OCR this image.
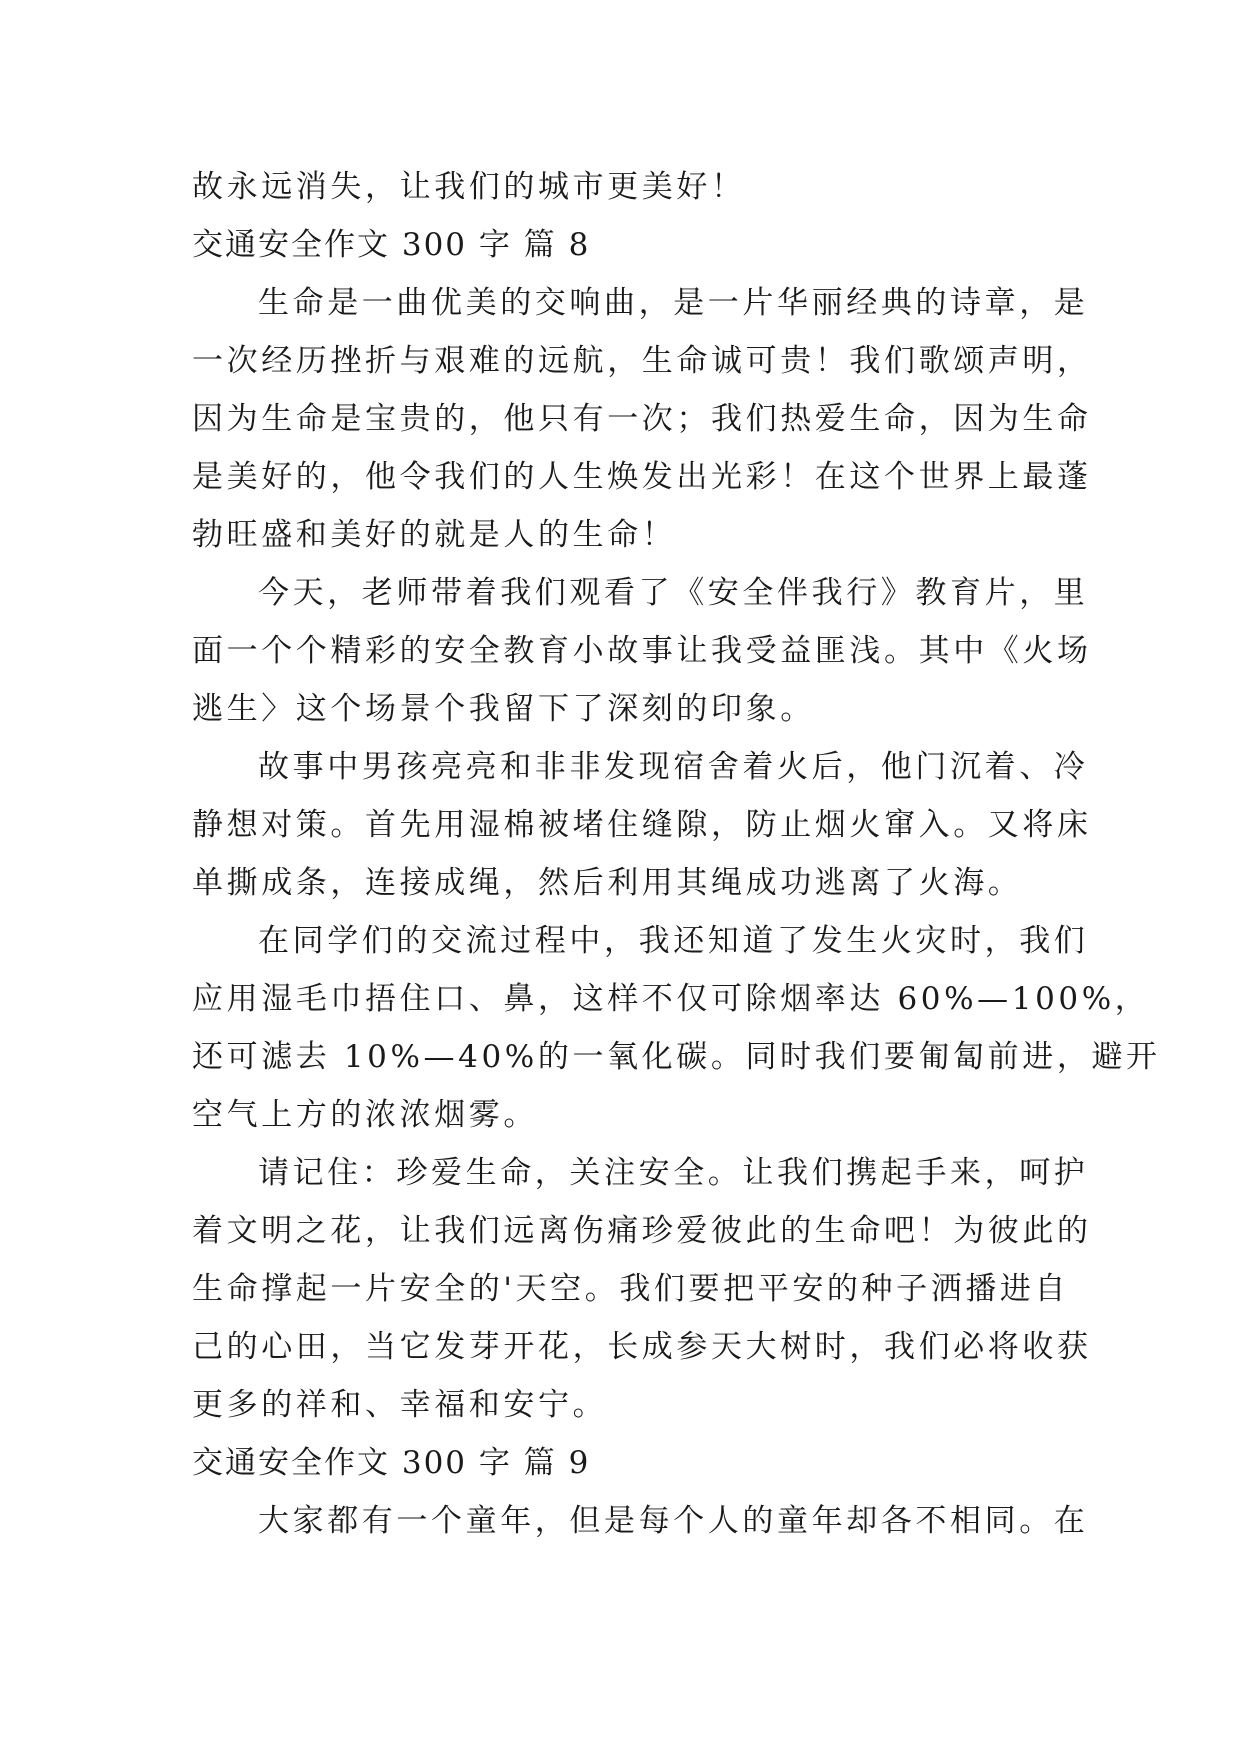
故永远消失，让我们的城市更美好！
交通安全作文 300 字 篇 8
生命是一曲优美的交响曲，是一片华丽经典的诗章，是
一次经历挫折与艰难的远航，生命诚可贵！我们歌颂声明，
因为生命是宝贵的，他只有一次；我们热爱生命，因为生命
是美好的，他令我们的人生焕发出光彩！在这个世界上最蓬
勃旺盛和美好的就是人的生命！
今天，老师带着我们观看了《安全伴我行》教育片，里
面一个个精彩的安全教育小故事让我受益匪浅。其中《火场
逃生〉这个场景个我留下了深刻的印象。
故事中男孩亮亮和非非发现宿舍着火后，他门沉着、冷
静想对策。首先用湿棉被堵住缝隙，防止烟火窜入。又将床
单撕成条，连接成绳，然后利用其绳成功逃离了火海。
在同学们的交流过程中，我还知道了发生火灾时，我们
应用湿毛巾捂住口、鼻，这样不仅可除烟率达 60%—100%，
还可滤去 10%—40%的一氧化碳。同时我们要匍匐前进，避开
空气上方的浓浓烟雾。
请记住：珍爱生命，关注安全。让我们携起手来，呵护
着文明之花，让我们远离伤痛珍爱彼此的生命吧！为彼此的
生命撑起一片安全的'天空。我们要把平安的种子洒播进自
己的心田，当它发芽开花，长成参天大树时，我们必将收获
更多的祥和、幸福和安宁。
交通安全作文 300 字 篇 9
大家都有一个童年，但是每个人的童年却各不相同。在
